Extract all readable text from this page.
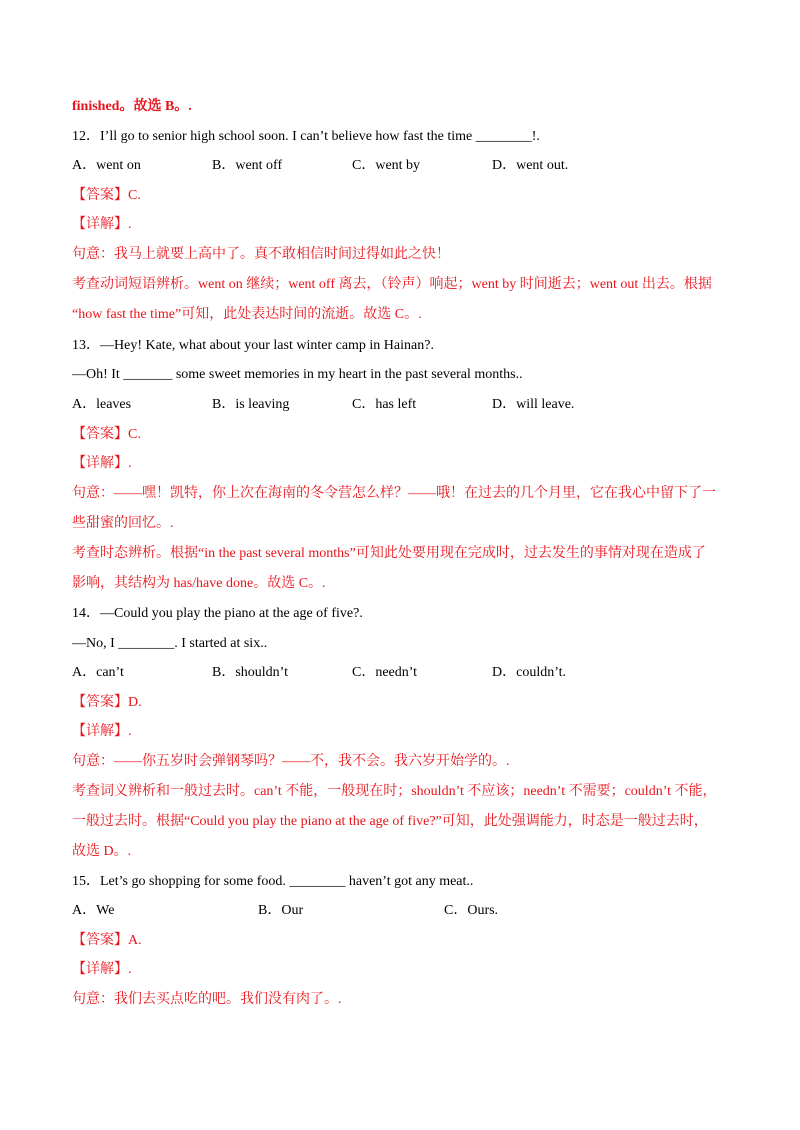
finished。故选 B。.
12．I’ll go to senior high school soon. I can’t believe how fast the time ________!.
A．went on	B．went off	C．went by	D．went out.
【答案】C.
【详解】.
句意：我马上就要上高中了。真不敢相信时间过得如此之快！
考查动词短语辨析。went on 继续；went off 离去，（铃声）响起；went by 时间逝去；went out 出去。根据
“how fast the time”可知，此处表达时间的流逝。故选 C。.
13．—Hey! Kate, what about your last winter camp in Hainan?.
—Oh! It _______ some sweet memories in my heart in the past several months..
A．leaves	B．is leaving	C．has left	D．will leave.
【答案】C.
【详解】.
句意：——嘿！凯特，你上次在海南的冬令营怎么样？——哦！在过去的几个月里，它在我心中留下了一
些甜蜜的回忆。.
考查时态辨析。根据“in the past several months”可知此处要用现在完成时，过去发生的事情对现在造成了
影响，其结构为 has/have done。故选 C。.
14．—Could you play the piano at the age of five?.
—No, I ________. I started at six..
A．can’t	B．shouldn’t	C．needn’t	D．couldn’t.
【答案】D.
【详解】.
句意：——你五岁时会弹钢琴吗？——不，我不会。我六岁开始学的。.
考查词义辨析和一般过去时。can’t 不能，一般现在时；shouldn’t 不应该；needn’t 不需要；couldn’t 不能，
一般过去时。根据“Could you play the piano at the age of five?”可知，此处强调能力，时态是一般过去时，
故选 D。.
15．Let’s go shopping for some food. ________ haven’t got any meat..
A．We	B．Our	C．Ours.
【答案】A.
【详解】.
句意：我们去买点吃的吧。我们没有肉了。.
